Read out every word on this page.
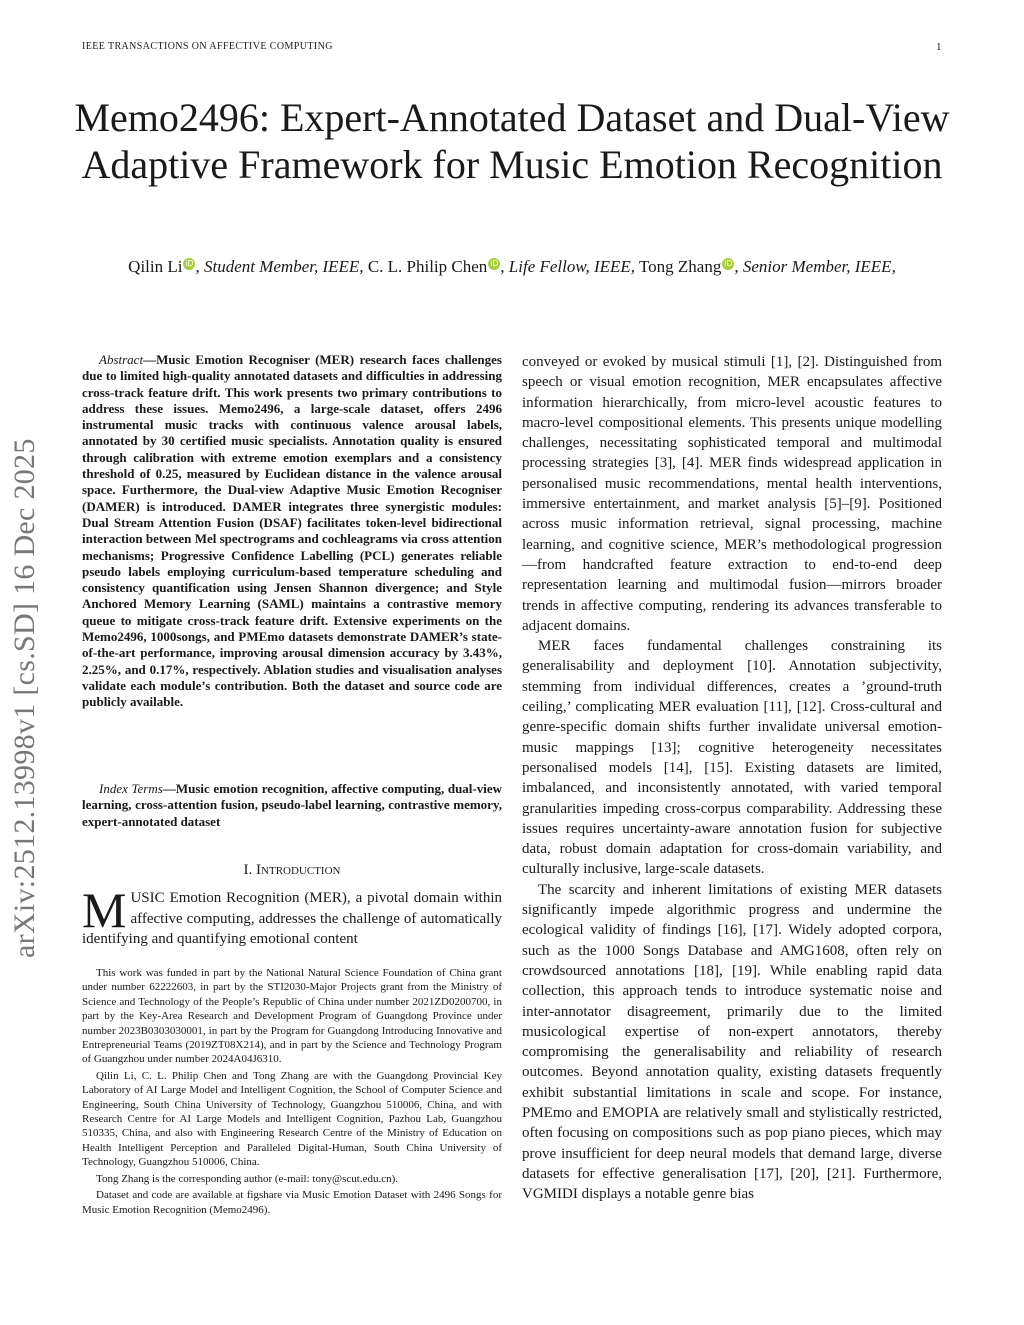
IEEE TRANSACTIONS ON AFFECTIVE COMPUTING	1
Memo2496: Expert-Annotated Dataset and Dual-View Adaptive Framework for Music Emotion Recognition
Qilin Li iD , Student Member, IEEE, C. L. Philip Chen iD , Life Fellow, IEEE, Tong Zhang iD , Senior Member, IEEE,
arXiv:2512.13998v1 [cs.SD] 16 Dec 2025

Abstract—Music Emotion Recogniser (MER) research faces challenges due to limited high-quality annotated datasets and difficulties in addressing cross-track feature drift. This work presents two primary contributions to address these issues. Memo2496, a large-scale dataset, offers 2496 instrumental music tracks with continuous valence arousal labels, annotated by 30 certified music specialists. Annotation quality is ensured through calibration with extreme emotion exemplars and a consistency threshold of 0.25, measured by Euclidean distance in the valence arousal space. Furthermore, the Dual-view Adaptive Music Emotion Recogniser (DAMER) is introduced. DAMER integrates three synergistic modules: Dual Stream Attention Fusion (DSAF) facilitates token-level bidirectional interaction between Mel spectrograms and cochleagrams via cross attention mechanisms; Progressive Confidence Labelling (PCL) generates reliable pseudo labels employing curriculum-based temperature scheduling and consistency quantification using Jensen Shannon divergence; and Style Anchored Memory Learning (SAML) maintains a contrastive memory queue to mitigate cross-track feature drift. Extensive experiments on the Memo2496, 1000songs, and PMEmo datasets demonstrate DAMER’s state-of-the-art performance, improving arousal dimension accuracy by 3.43%, 2.25%, and 0.17%, respectively. Ablation studies and visualisation analyses validate each module’s contribution. Both the dataset and source code are publicly available.

Index Terms—Music emotion recognition, affective computing, dual-view learning, cross-attention fusion, pseudo-label learning, contrastive memory, expert-annotated dataset

I. Introduction

MUSIC Emotion Recognition (MER), a pivotal domain within affective computing, addresses the challenge of automatically identifying and quantifying emotional content

This work was funded in part by the National Natural Science Foundation of China grant under number 62222603, in part by the STI2030-Major Projects grant from the Ministry of Science and Technology of the People’s Republic of China under number 2021ZD0200700, in part by the Key-Area Research and Development Program of Guangdong Province under number 2023B0303030001, in part by the Program for Guangdong Introducing Innovative and Entrepreneurial Teams (2019ZT08X214), and in part by the Science and Technology Program of Guangzhou under number 2024A04J6310.

Qilin Li, C. L. Philip Chen and Tong Zhang are with the Guangdong Provincial Key Laboratory of AI Large Model and Intelligent Cognition, the School of Computer Science and Engineering, South China University of Technology, Guangzhou 510006, China, and with Research Centre for AI Large Models and Intelligent Cognition, Pazhou Lab, Guangzhou 510335, China, and also with Engineering Research Centre of the Ministry of Education on Health Intelligent Perception and Paralleled Digital-Human, South China University of Technology, Guangzhou 510006, China.

Tong Zhang is the corresponding author (e-mail: tony@scut.edu.cn).

Dataset and code are available at figshare via Music Emotion Dataset with 2496 Songs for Music Emotion Recognition (Memo2496).

conveyed or evoked by musical stimuli [1], [2]. Distinguished from speech or visual emotion recognition, MER encapsulates affective information hierarchically, from micro-level acoustic features to macro-level compositional elements. This presents unique modelling challenges, necessitating sophisticated temporal and multimodal processing strategies [3], [4]. MER finds widespread application in personalised music recommendations, mental health interventions, immersive entertainment, and market analysis [5]–[9]. Positioned across music information retrieval, signal processing, machine learning, and cognitive science, MER’s methodological progression—from handcrafted feature extraction to end-to-end deep representation learning and multimodal fusion—mirrors broader trends in affective computing, rendering its advances transferable to adjacent domains.

MER faces fundamental challenges constraining its generalisability and deployment [10]. Annotation subjectivity, stemming from individual differences, creates a ’ground-truth ceiling,’ complicating MER evaluation [11], [12]. Cross-cultural and genre-specific domain shifts further invalidate universal emotion-music mappings [13]; cognitive heterogeneity necessitates personalised models [14], [15]. Existing datasets are limited, imbalanced, and inconsistently annotated, with varied temporal granularities impeding cross-corpus comparability. Addressing these issues requires uncertainty-aware annotation fusion for subjective data, robust domain adaptation for cross-domain variability, and culturally inclusive, large-scale datasets.

The scarcity and inherent limitations of existing MER datasets significantly impede algorithmic progress and undermine the ecological validity of findings [16], [17]. Widely adopted corpora, such as the 1000 Songs Database and AMG1608, often rely on crowdsourced annotations [18], [19]. While enabling rapid data collection, this approach tends to introduce systematic noise and inter-annotator disagreement, primarily due to the limited musicological expertise of non-expert annotators, thereby compromising the generalisability and reliability of research outcomes. Beyond annotation quality, existing datasets frequently exhibit substantial limitations in scale and scope. For instance, PMEmo and EMOPIA are relatively small and stylistically restricted, often focusing on compositions such as pop piano pieces, which may prove insufficient for deep neural models that demand large, diverse datasets for effective generalisation [17], [20], [21]. Furthermore, VGMIDI displays a notable genre bias
